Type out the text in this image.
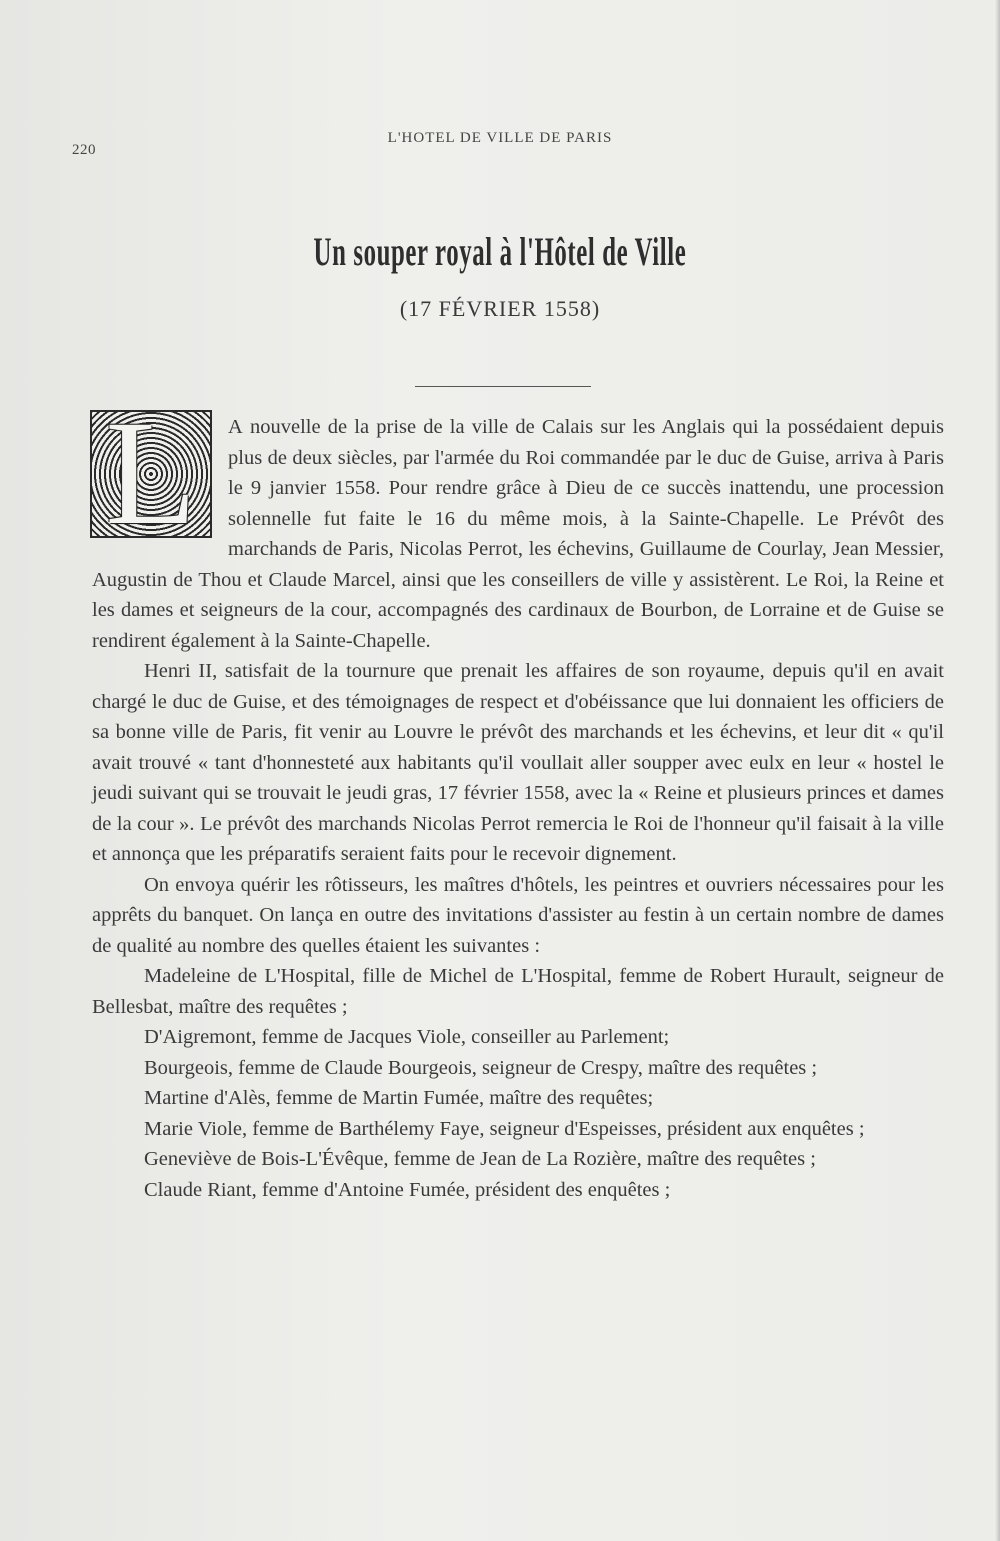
220
L'HOTEL DE VILLE DE PARIS
Un souper royal à l'Hôtel de Ville
(17 FÉVRIER 1558)
L	A nouvelle de la prise de la ville de Calais sur les Anglais qui la possédaient depuis plus de deux siècles, par l'armée du Roi commandée par le duc de Guise, arriva à Paris le 9 janvier 1558. Pour rendre grâce à Dieu de ce succès inattendu, une procession solennelle fut faite le 16 du même mois, à la Sainte-Chapelle. Le Prévôt des marchands de Paris, Nicolas Perrot, les échevins, Guillaume de Courlay, Jean Messier, Augustin de Thou et Claude Marcel, ainsi que les conseillers de ville y assistèrent. Le Roi, la Reine et les dames et seigneurs de la cour, accompagnés des cardinaux de Bourbon, de Lorraine et de Guise se rendirent également à la Sainte-Chapelle.

Henri II, satisfait de la tournure que prenait les affaires de son royaume, depuis qu'il en avait chargé le duc de Guise, et des témoignages de respect et d'obéissance que lui donnaient les officiers de sa bonne ville de Paris, fit venir au Louvre le prévôt des marchands et les échevins, et leur dit « qu'il avait trouvé « tant d'honnesteté aux habitants qu'il voullait aller soupper avec eulx en leur « hostel le jeudi suivant qui se trouvait le jeudi gras, 17 février 1558, avec la « Reine et plusieurs princes et dames de la cour ». Le prévôt des marchands Nicolas Perrot remercia le Roi de l'honneur qu'il faisait à la ville et annonça que les préparatifs seraient faits pour le recevoir dignement.

On envoya quérir les rôtisseurs, les maîtres d'hôtels, les peintres et ouvriers nécessaires pour les apprêts du banquet. On lança en outre des invitations d'assister au festin à un certain nombre de dames de qualité au nombre des quelles étaient les suivantes :

Madeleine de L'Hospital, fille de Michel de L'Hospital, femme de Robert Hurault, seigneur de Bellesbat, maître des requêtes ;

D'Aigremont, femme de Jacques Viole, conseiller au Parlement;

Bourgeois, femme de Claude Bourgeois, seigneur de Crespy, maître des requêtes ;

Martine d'Alès, femme de Martin Fumée, maître des requêtes;

Marie Viole, femme de Barthélemy Faye, seigneur d'Espeisses, président aux enquêtes ;

Geneviève de Bois-L'Évêque, femme de Jean de La Rozière, maître des requêtes ;

Claude Riant, femme d'Antoine Fumée, président des enquêtes ;
